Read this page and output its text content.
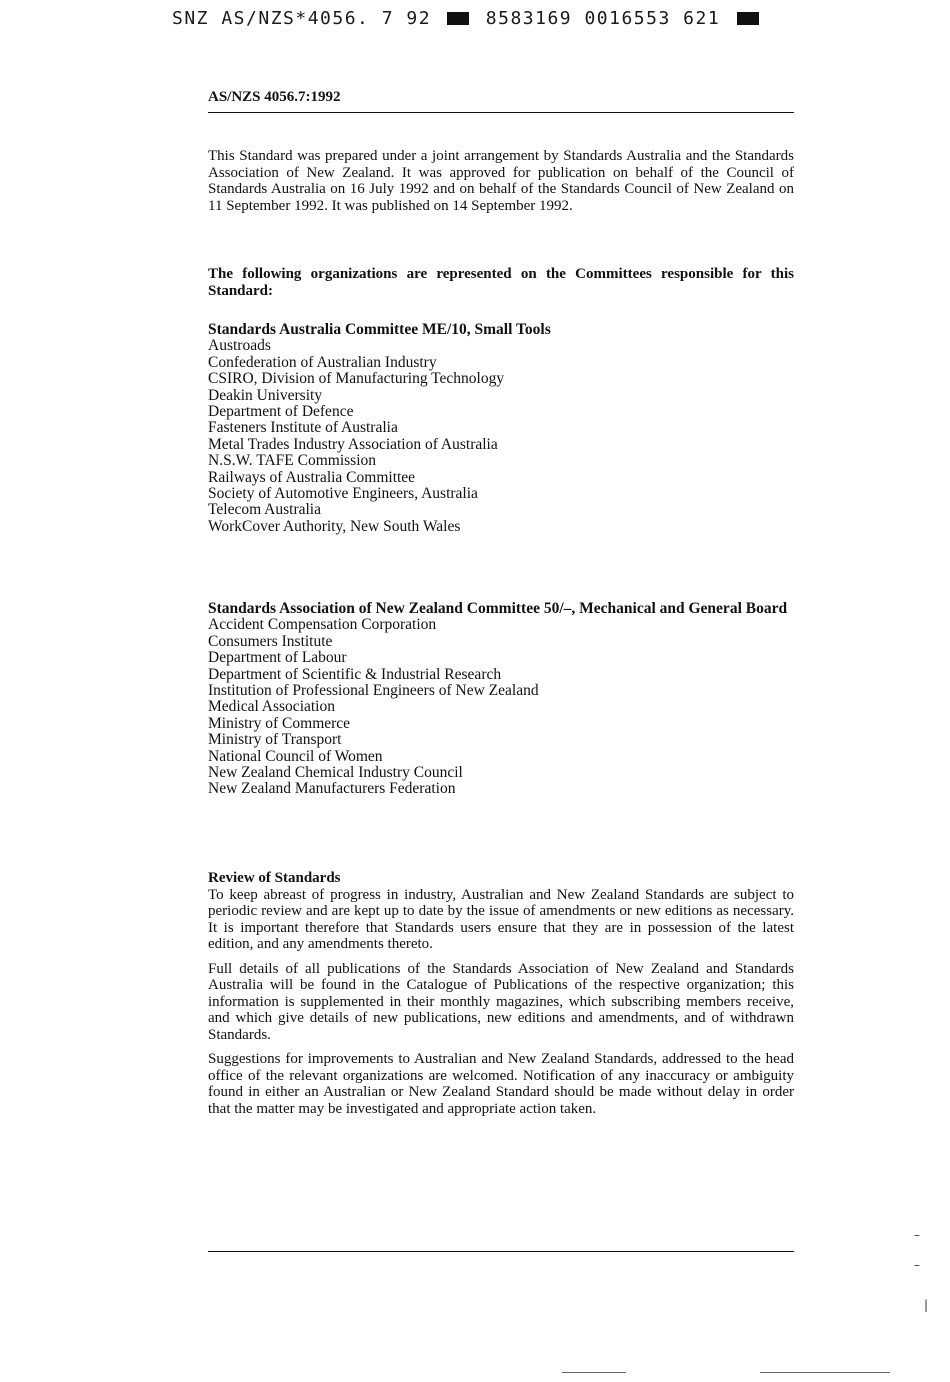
SNZ AS/NZS*4056. 7 92	8583169 0016553 621
AS/NZS 4056.7:1992
This Standard was prepared under a joint arrangement by Standards Australia and the Standards Association of New Zealand. It was approved for publication on behalf of the Council of Standards Australia on 16 July 1992 and on behalf of the Standards Council of New Zealand on 11 September 1992. It was published on 14 September 1992.
The following organizations are represented on the Committees responsible for this Standard:
Standards Australia Committee ME/10, Small Tools
Austroads
Confederation of Australian Industry
CSIRO, Division of Manufacturing Technology
Deakin University
Department of Defence
Fasteners Institute of Australia
Metal Trades Industry Association of Australia
N.S.W. TAFE Commission
Railways of Australia Committee
Society of Automotive Engineers, Australia
Telecom Australia
WorkCover Authority, New South Wales
Standards Association of New Zealand Committee 50/–, Mechanical and General Board
Accident Compensation Corporation
Consumers Institute
Department of Labour
Department of Scientific & Industrial Research
Institution of Professional Engineers of New Zealand
Medical Association
Ministry of Commerce
Ministry of Transport
National Council of Women
New Zealand Chemical Industry Council
New Zealand Manufacturers Federation
Review of Standards

To keep abreast of progress in industry, Australian and New Zealand Standards are subject to periodic review and are kept up to date by the issue of amendments or new editions as necessary. It is important therefore that Standards users ensure that they are in possession of the latest edition, and any amendments thereto.

Full details of all publications of the Standards Association of New Zealand and Standards Australia will be found in the Catalogue of Publications of the respective organization; this information is supplemented in their monthly magazines, which subscribing members receive, and which give details of new publications, new editions and amendments, and of withdrawn Standards.

Suggestions for improvements to Australian and New Zealand Standards, addressed to the head office of the relevant organizations are welcomed. Notification of any inaccuracy or ambiguity found in either an Australian or New Zealand Standard should be made without delay in order that the matter may be investigated and appropriate action taken.

–
–
|
